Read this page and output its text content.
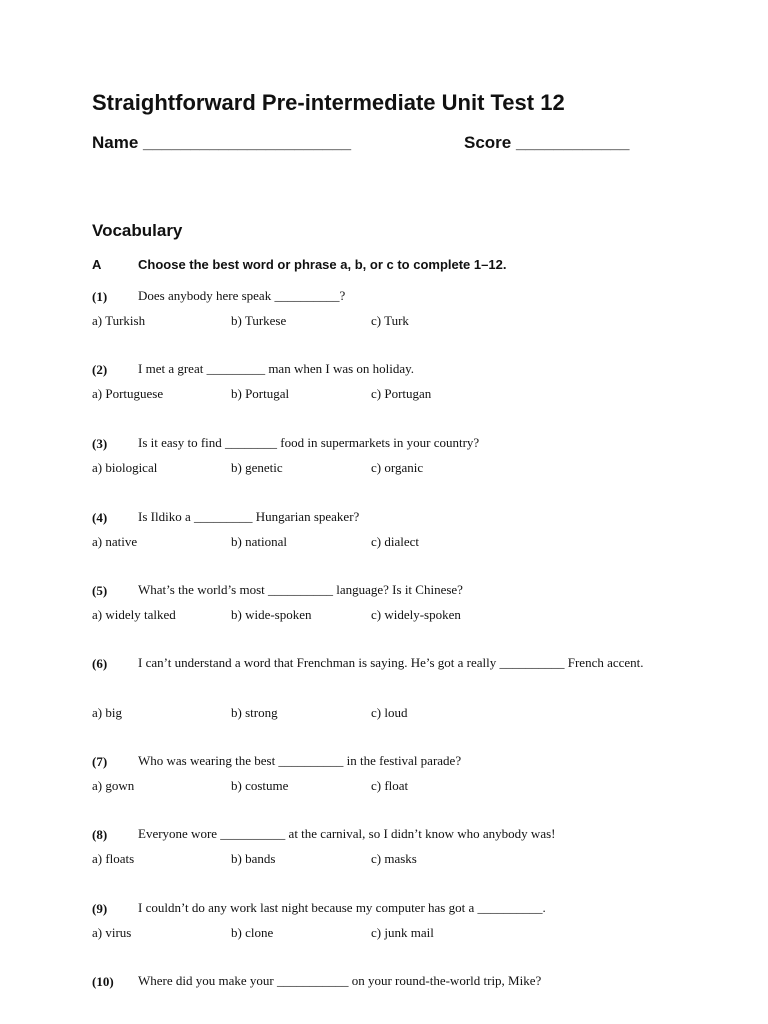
Straightforward Pre-intermediate Unit Test 12
Name ______________________	Score ____________
Vocabulary
A	Choose the best word or phrase a, b, or c to complete 1–12.
(1) Does anybody here speak __________?
a) Turkish	b) Turkese	c) Turk
(2) I met a great _________ man when I was on holiday.
a) Portuguese	b) Portugal	c) Portugan
(3) Is it easy to find ________ food in supermarkets in your country?
a) biological	b) genetic	c) organic
(4) Is Ildiko a _________ Hungarian speaker?
a) native	b) national	c) dialect
(5) What’s the world’s most __________ language? Is it Chinese?
a) widely talked	b) wide-spoken	c) widely-spoken
(6) I can’t understand a word that Frenchman is saying. He’s got a really __________ French accent.
a) big	b) strong	c) loud
(7) Who was wearing the best __________ in the festival parade?
a) gown	b) costume	c) float
(8) Everyone wore __________ at the carnival, so I didn’t know who anybody was!
a) floats	b) bands	c) masks
(9) I couldn’t do any work last night because my computer has got a __________.
a) virus	b) clone	c) junk mail
(10) Where did you make your ___________ on your round-the-world trip, Mike?
